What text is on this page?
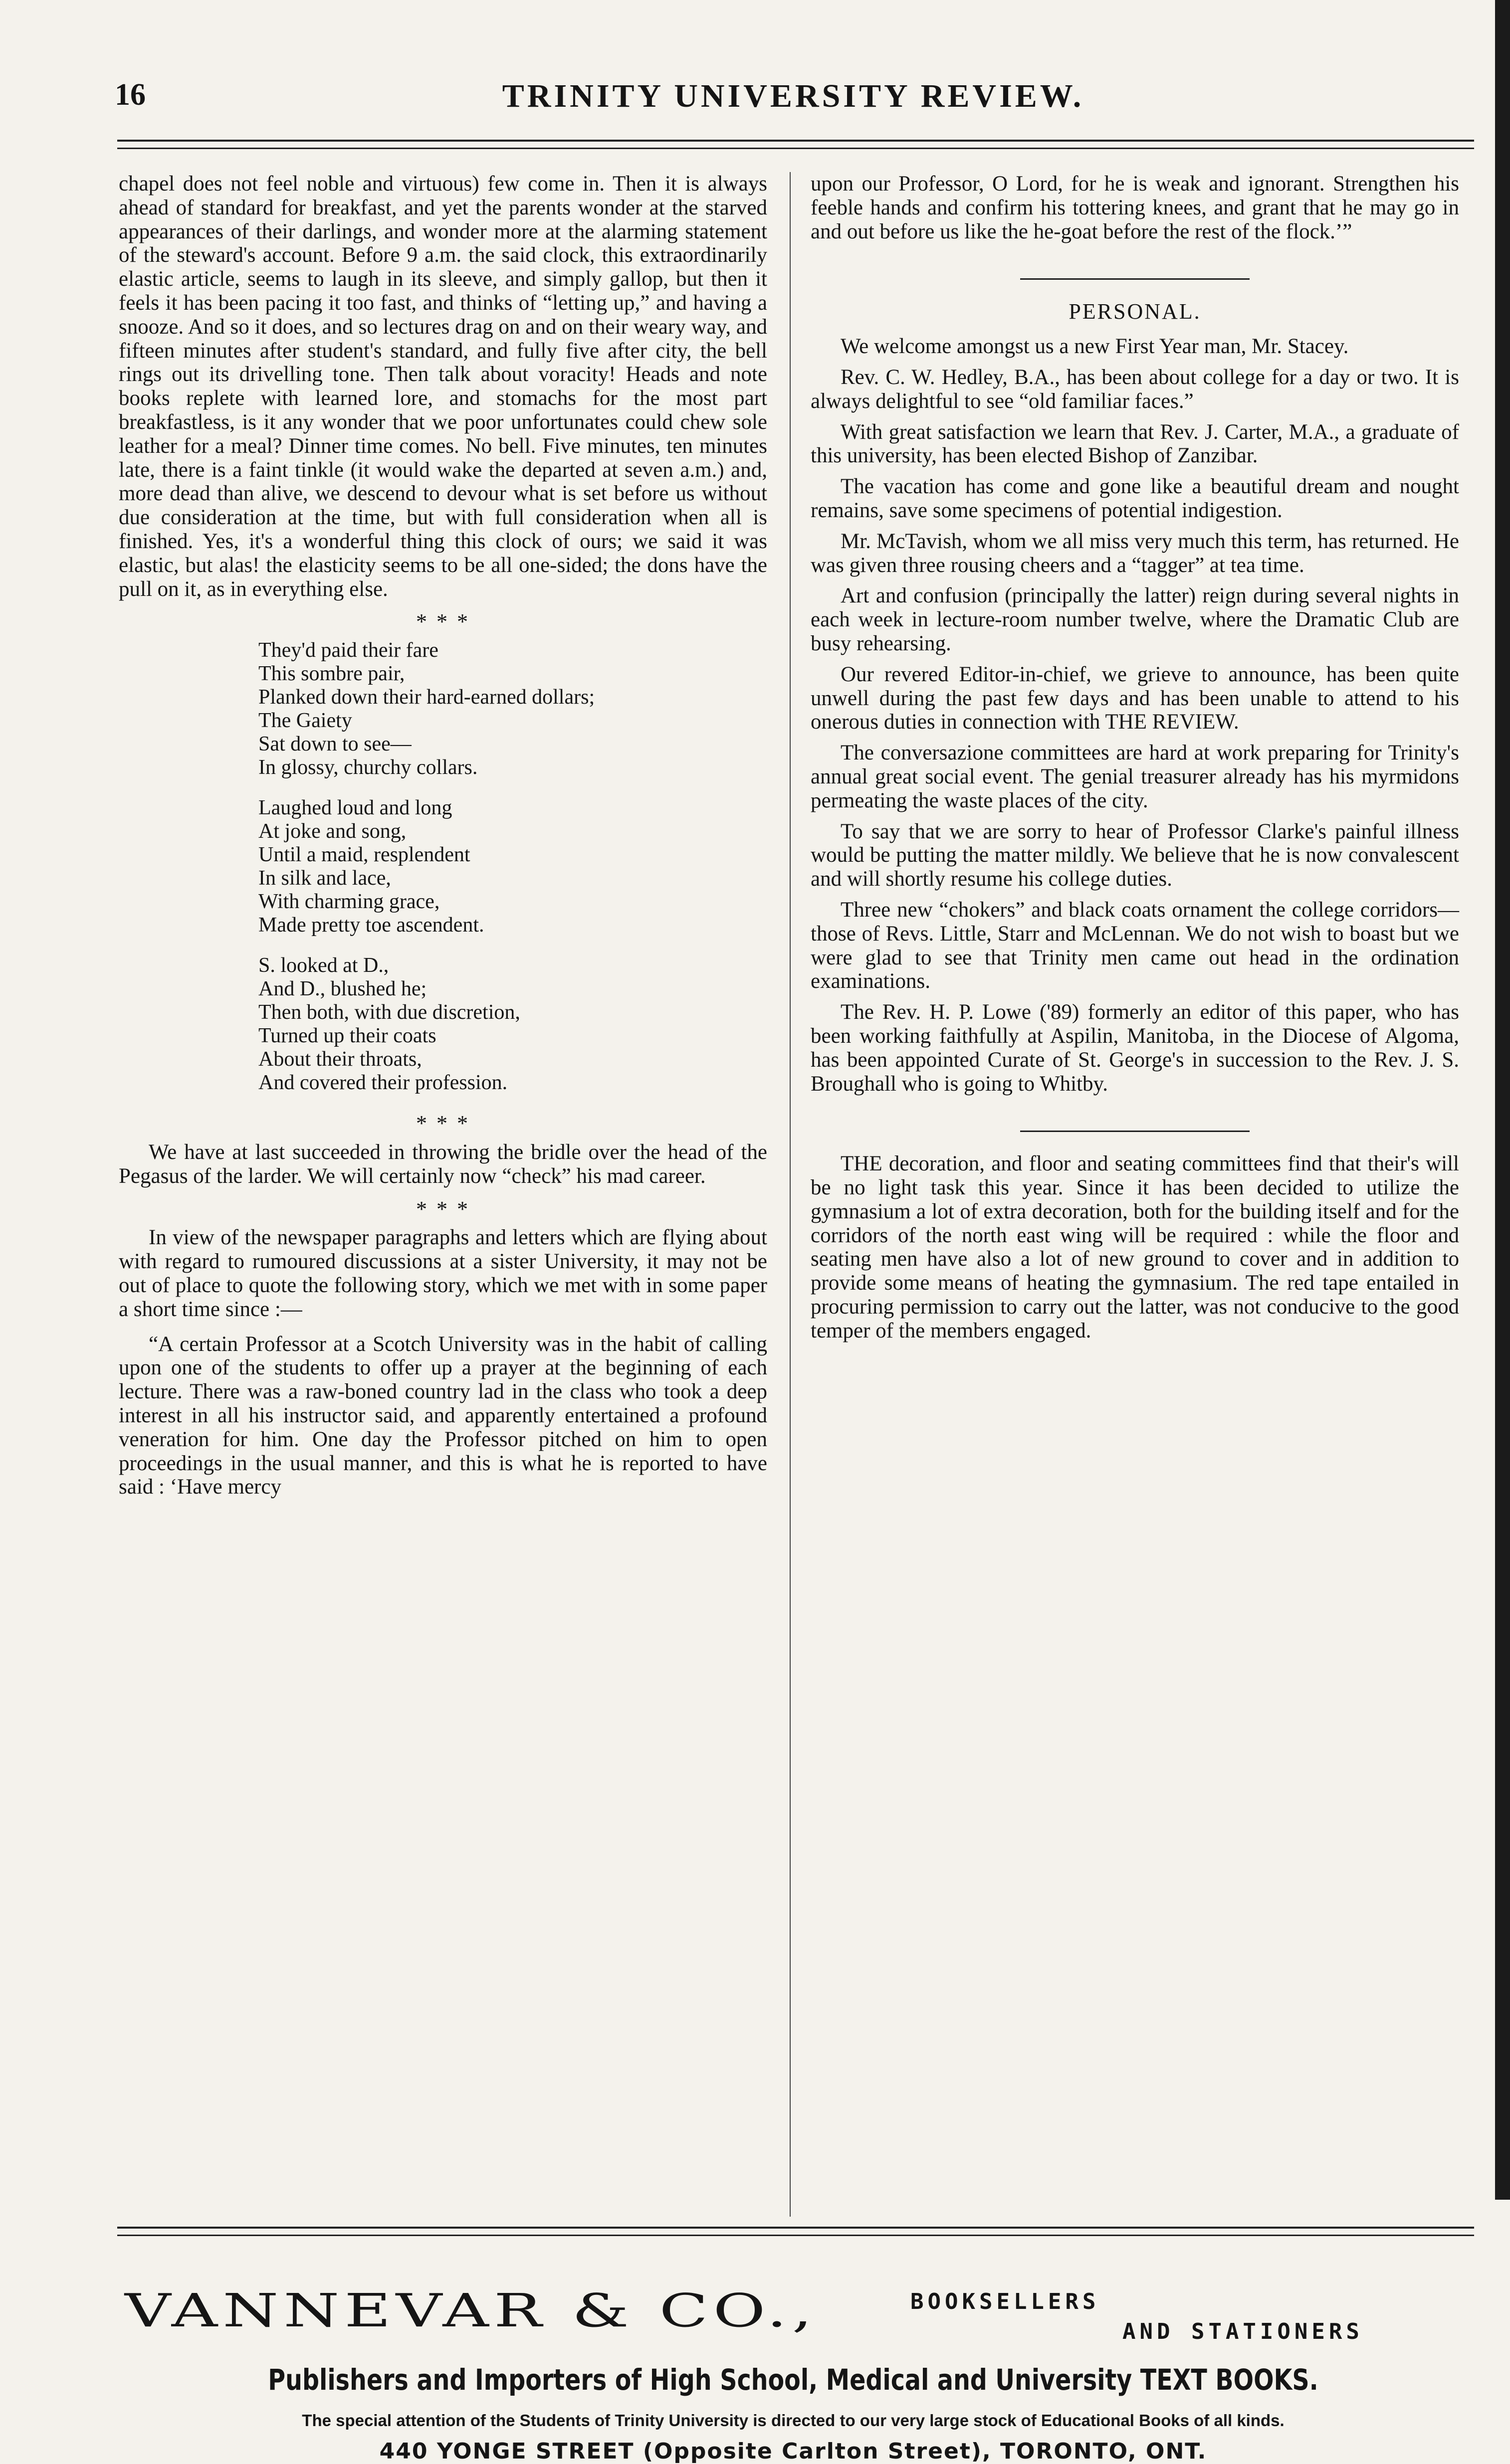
16	TRINITY UNIVERSITY REVIEW.

chapel does not feel noble and virtuous) few come in. Then it is always ahead of standard for breakfast, and yet the parents wonder at the starved appearances of their darlings, and wonder more at the alarming statement of the steward's account. Before 9 a.m. the said clock, this extraordinarily elastic article, seems to laugh in its sleeve, and simply gallop, but then it feels it has been pacing it too fast, and thinks of “letting up,” and having a snooze. And so it does, and so lectures drag on and on their weary way, and fifteen minutes after student's standard, and fully five after city, the bell rings out its drivelling tone. Then talk about voracity! Heads and note books replete with learned lore, and stomachs for the most part breakfastless, is it any wonder that we poor unfortunates could chew sole leather for a meal? Dinner time comes. No bell. Five minutes, ten minutes late, there is a faint tinkle (it would wake the departed at seven a.m.) and, more dead than alive, we descend to devour what is set before us without due consideration at the time, but with full consideration when all is finished. Yes, it's a wonderful thing this clock of ours; we said it was elastic, but alas! the elasticity seems to be all one-sided; the dons have the pull on it, as in everything else.

* * *
They'd paid their fare
This sombre pair,
Planked down their hard-earned dollars;
The Gaiety
Sat down to see—
In glossy, churchy collars.
Laughed loud and long
At joke and song,
Until a maid, resplendent
In silk and lace,
With charming grace,
Made pretty toe ascendent.
S. looked at D.,
And D., blushed he;
Then both, with due discretion,
Turned up their coats
About their throats,
And covered their profession.
* * *

We have at last succeeded in throwing the bridle over the head of the Pegasus of the larder. We will certainly now “check” his mad career.

* * *

In view of the newspaper paragraphs and letters which are flying about with regard to rumoured discussions at a sister University, it may not be out of place to quote the following story, which we met with in some paper a short time since :—

“A certain Professor at a Scotch University was in the habit of calling upon one of the students to offer up a prayer at the beginning of each lecture. There was a raw-boned country lad in the class who took a deep interest in all his instructor said, and apparently entertained a profound veneration for him. One day the Professor pitched on him to open proceedings in the usual manner, and this is what he is reported to have said : ‘Have mercy

upon our Professor, O Lord, for he is weak and ignorant. Strengthen his feeble hands and confirm his tottering knees, and grant that he may go in and out before us like the he-goat before the rest of the flock.’”

PERSONAL.

We welcome amongst us a new First Year man, Mr. Stacey.

Rev. C. W. Hedley, B.A., has been about college for a day or two. It is always delightful to see “old familiar faces.”

With great satisfaction we learn that Rev. J. Carter, M.A., a graduate of this university, has been elected Bishop of Zanzibar.

The vacation has come and gone like a beautiful dream and nought remains, save some specimens of potential indigestion.

Mr. McTavish, whom we all miss very much this term, has returned. He was given three rousing cheers and a “tagger” at tea time.

Art and confusion (principally the latter) reign during several nights in each week in lecture-room number twelve, where the Dramatic Club are busy rehearsing.

Our revered Editor-in-chief, we grieve to announce, has been quite unwell during the past few days and has been unable to attend to his onerous duties in connection with THE REVIEW.

The conversazione committees are hard at work preparing for Trinity's annual great social event. The genial treasurer already has his myrmidons permeating the waste places of the city.

To say that we are sorry to hear of Professor Clarke's painful illness would be putting the matter mildly. We believe that he is now convalescent and will shortly resume his college duties.

Three new “chokers” and black coats ornament the college corridors—those of Revs. Little, Starr and McLennan. We do not wish to boast but we were glad to see that Trinity men came out head in the ordination examinations.

The Rev. H. P. Lowe ('89) formerly an editor of this paper, who has been working faithfully at Aspilin, Manitoba, in the Diocese of Algoma, has been appointed Curate of St. George's in succession to the Rev. J. S. Broughall who is going to Whitby.

THE decoration, and floor and seating committees find that their's will be no light task this year. Since it has been decided to utilize the gymnasium a lot of extra decoration, both for the building itself and for the corridors of the north east wing will be required : while the floor and seating men have also a lot of new ground to cover and in addition to provide some means of heating the gymnasium. The red tape entailed in procuring permission to carry out the latter, was not conducive to the good temper of the members engaged.

VANNEVAR & CO.,	BOOKSELLERS
AND STATIONERS
Publishers and Importers of High School, Medical and University TEXT BOOKS.
The special attention of the Students of Trinity University is directed to our very large stock of Educational Books of all kinds.
440 YONGE STREET (Opposite Carlton Street), TORONTO, ONT.
